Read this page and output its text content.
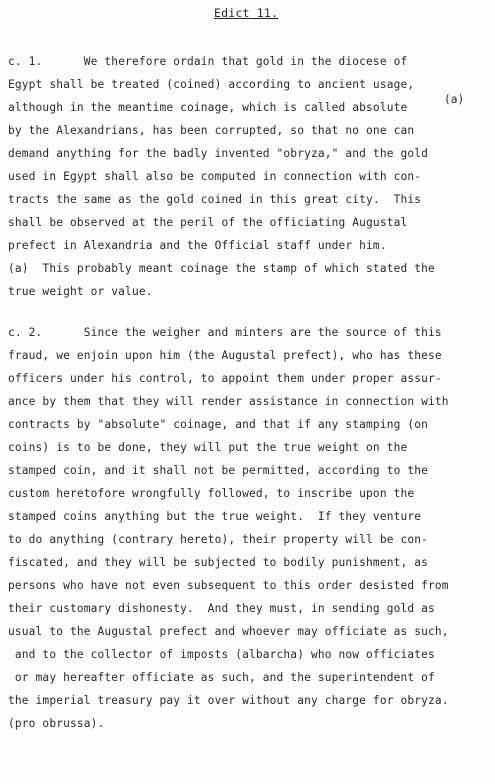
Edict 11.
(a)
c. 1.      We therefore ordain that gold in the diocese of
Egypt shall be treated (coined) according to ancient usage,
although in the meantime coinage, which is called absolute
by the Alexandrians, has been corrupted, so that no one can
demand anything for the badly invented "obryza," and the gold
used in Egypt shall also be computed in connection with con-
tracts the same as the gold coined in this great city.  This
shall be observed at the peril of the officiating Augustal
prefect in Alexandria and the Official staff under him.
(a)  This probably meant coinage the stamp of which stated the
true weight or value.
c. 2.      Since the weigher and minters are the source of this
fraud, we enjoin upon him (the Augustal prefect), who has these
officers under his control, to appoint them under proper assur-
ance by them that they will render assistance in connection with
contracts by "absolute" coinage, and that if any stamping (on
coins) is to be done, they will put the true weight on the
stamped coin, and it shall not be permitted, according to the
custom heretofore wrongfully followed, to inscribe upon the
stamped coins anything but the true weight.  If they venture
to do anything (contrary hereto), their property will be con-
fiscated, and they will be subjected to bodily punishment, as
persons who have not even subsequent to this order desisted from
their customary dishonesty.  And they must, in sending gold as
usual to the Augustal prefect and whoever may officiate as such,
and to the collector of imposts (albarcha) who now officiates
or may hereafter officiate as such, and the superintendent of
the imperial treasury pay it over without any charge for obryza.
(pro obrussa).
